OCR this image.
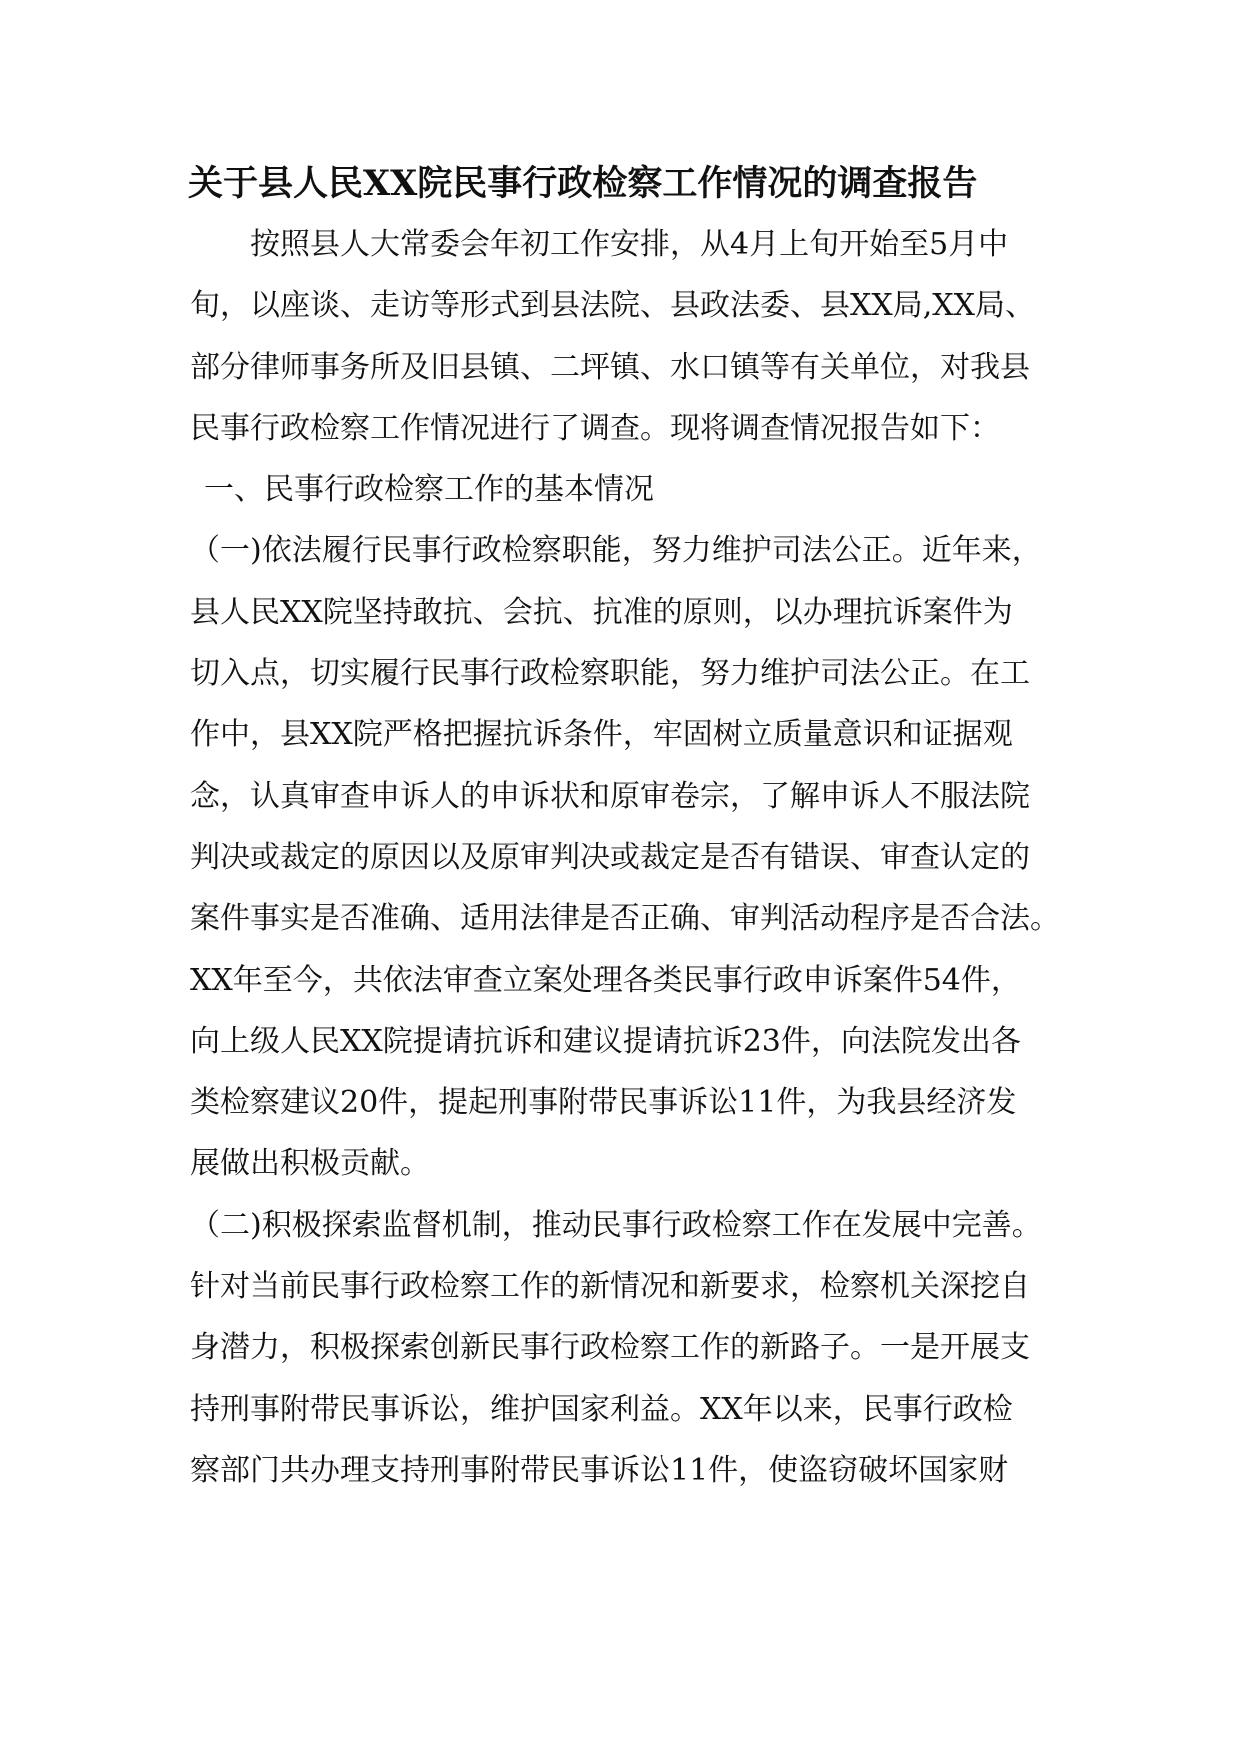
关于县人民XX院民事行政检察工作情况的调查报告
按照县人大常委会年初工作安排，从4月上旬开始至5月中
旬，以座谈、走访等形式到县法院、县政法委、县XX局,XX局、
部分律师事务所及旧县镇、二坪镇、水口镇等有关单位，对我县
民事行政检察工作情况进行了调查。现将调查情况报告如下：
一、民事行政检察工作的基本情况
（一)依法履行民事行政检察职能，努力维护司法公正。近年来，
县人民XX院坚持敢抗、会抗、抗准的原则，以办理抗诉案件为
切入点，切实履行民事行政检察职能，努力维护司法公正。在工
作中，县XX院严格把握抗诉条件，牢固树立质量意识和证据观
念，认真审查申诉人的申诉状和原审卷宗，了解申诉人不服法院
判决或裁定的原因以及原审判决或裁定是否有错误、审查认定的
案件事实是否准确、适用法律是否正确、审判活动程序是否合法。
XX年至今，共依法审查立案处理各类民事行政申诉案件54件，
向上级人民XX院提请抗诉和建议提请抗诉23件，向法院发出各
类检察建议20件，提起刑事附带民事诉讼11件，为我县经济发
展做出积极贡献。
（二)积极探索监督机制，推动民事行政检察工作在发展中完善。
针对当前民事行政检察工作的新情况和新要求，检察机关深挖自
身潜力，积极探索创新民事行政检察工作的新路子。一是开展支
持刑事附带民事诉讼，维护国家利益。XX年以来，民事行政检
察部门共办理支持刑事附带民事诉讼11件，使盗窃破坏国家财
